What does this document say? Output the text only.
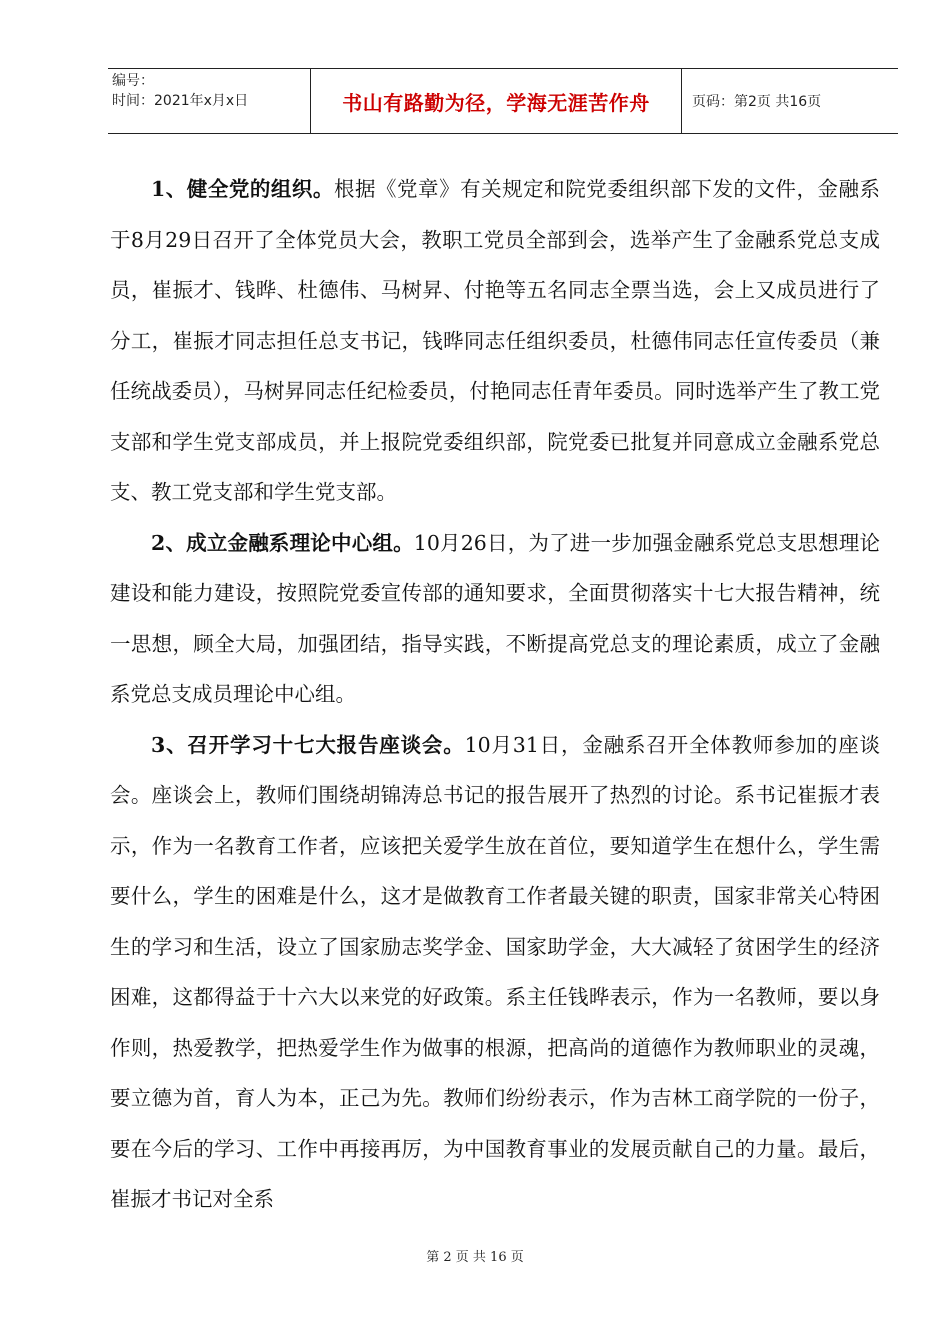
编号：
时间：2021年x月x日	书山有路勤为径，学海无涯苦作舟	页码：第2页 共16页

1、健全党的组织。根据《党章》有关规定和院党委组织部下发的文件，金融系于8月29日召开了全体党员大会，教职工党员全部到会，选举产生了金融系党总支成员，崔振才、钱晔、杜德伟、马树昇、付艳等五名同志全票当选，会上又成员进行了分工，崔振才同志担任总支书记，钱晔同志任组织委员，杜德伟同志任宣传委员（兼任统战委员），马树昇同志任纪检委员，付艳同志任青年委员。同时选举产生了教工党支部和学生党支部成员，并上报院党委组织部，院党委已批复并同意成立金融系党总支、教工党支部和学生党支部。

2、成立金融系理论中心组。10月26日，为了进一步加强金融系党总支思想理论建设和能力建设，按照院党委宣传部的通知要求，全面贯彻落实十七大报告精神，统一思想，顾全大局，加强团结，指导实践，不断提高党总支的理论素质，成立了金融系党总支成员理论中心组。

3、召开学习十七大报告座谈会。10月31日，金融系召开全体教师参加的座谈会。座谈会上，教师们围绕胡锦涛总书记的报告展开了热烈的讨论。系书记崔振才表示，作为一名教育工作者，应该把关爱学生放在首位，要知道学生在想什么，学生需要什么，学生的困难是什么，这才是做教育工作者最关键的职责，国家非常关心特困生的学习和生活，设立了国家励志奖学金、国家助学金，大大减轻了贫困学生的经济困难，这都得益于十六大以来党的好政策。系主任钱晔表示，作为一名教师，要以身作则，热爱教学，把热爱学生作为做事的根源，把高尚的道德作为教师职业的灵魂，要立德为首，育人为本，正己为先。教师们纷纷表示，作为吉林工商学院的一份子，要在今后的学习、工作中再接再厉，为中国教育事业的发展贡献自己的力量。最后，崔振才书记对全系

第 2 页 共 16 页
